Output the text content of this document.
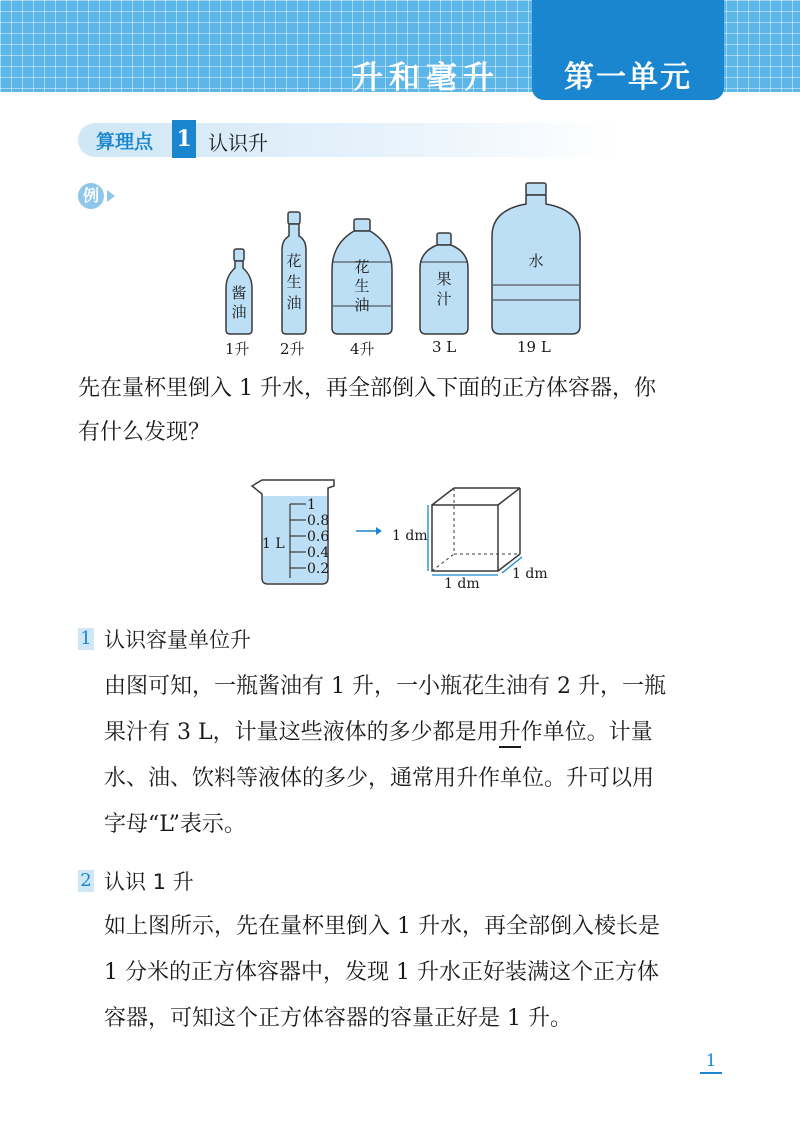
升和毫升	第一单元
算理点 1 认识升
例
酱油
花生油
花生油
果汁
水
1升 2升	4升	3 L	19 L
先在量杯里倒入 1 升水，再全部倒入下面的正方体容器，你
有什么发现？
1
0.8
0.6
0.4
0.2
1 L	1 dm
1 dm
1 dm
1 认识容量单位升
由图可知，一瓶酱油有 1 升，一小瓶花生油有 2 升，一瓶
果汁有 3 L，计量这些液体的多少都是用升作单位。计量
水、油、饮料等液体的多少，通常用升作单位。升可以用
字母“L”表示。
2 认识 1 升
如上图所示，先在量杯里倒入 1 升水，再全部倒入棱长是
1 分米的正方体容器中，发现 1 升水正好装满这个正方体
容器，可知这个正方体容器的容量正好是 1 升。
1
